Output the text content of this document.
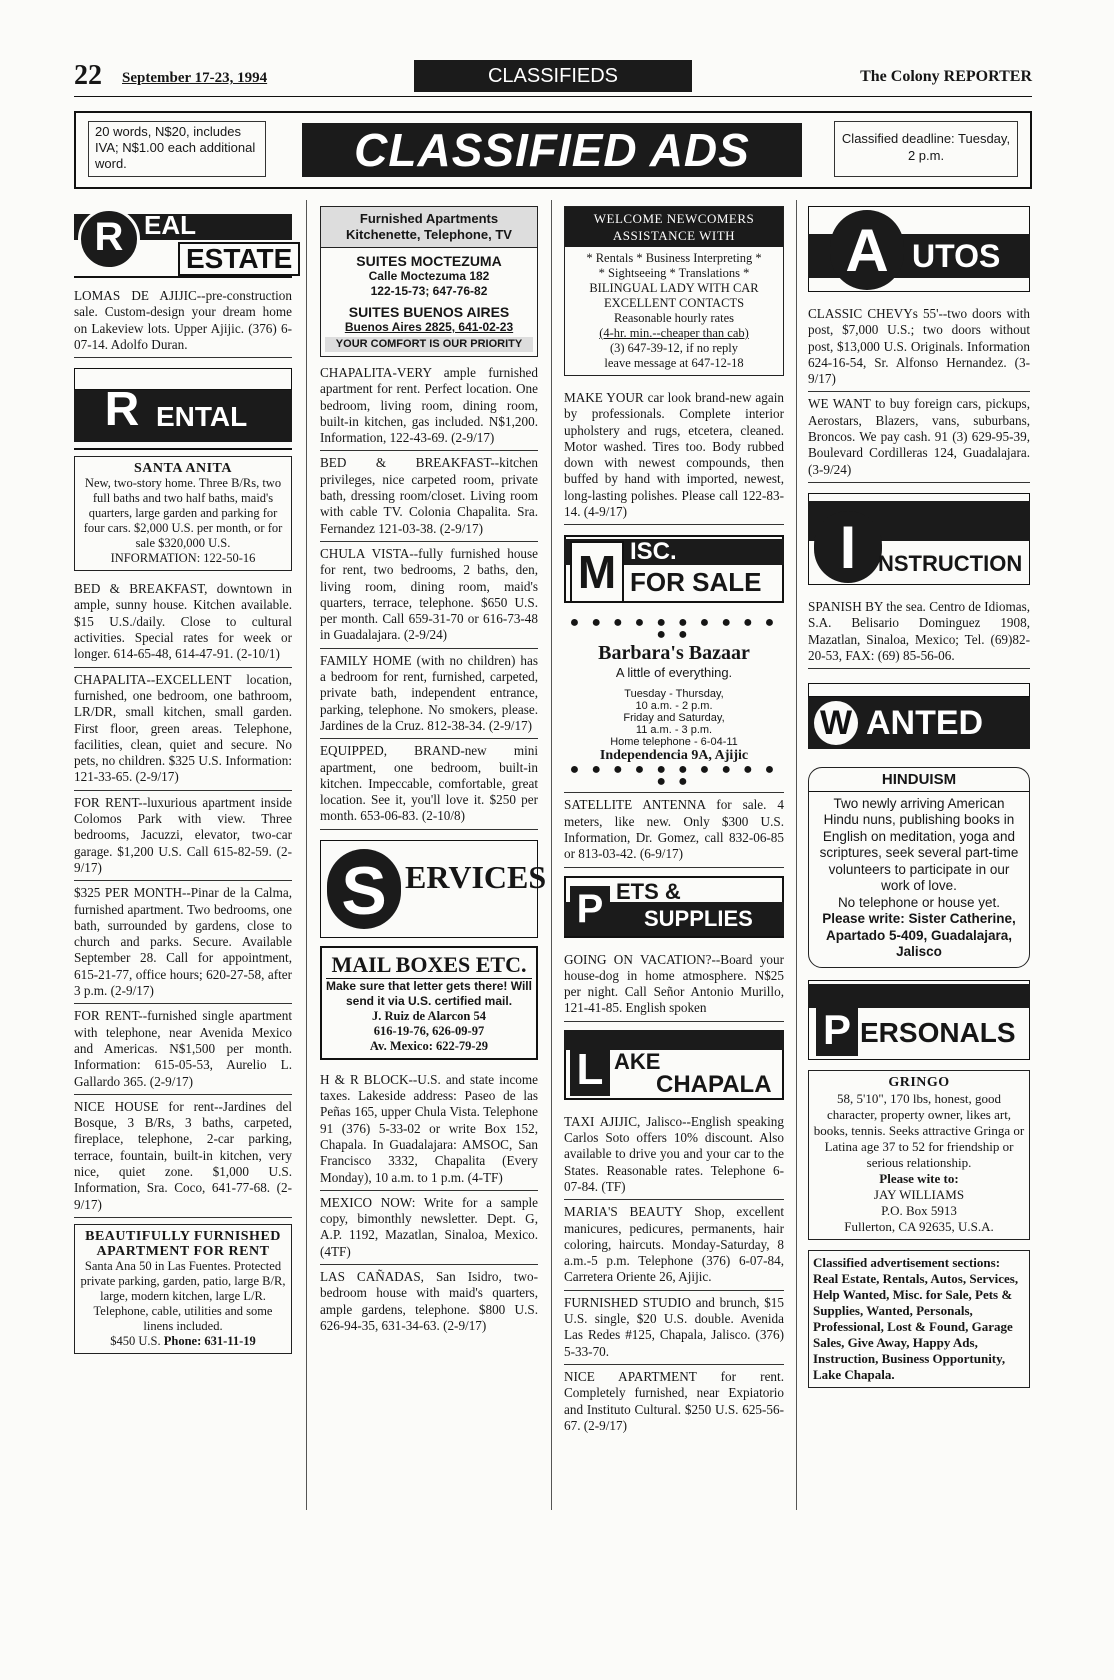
22 September 17-23, 1994	CLASSIFIEDS	The Colony REPORTER
20 words, N$20, includes IVA; N$1.00 each additional word.	CLASSIFIED ADS	Classified deadline: Tuesday, 2 p.m.
R EAL
ESTATE

LOMAS DE AJIJIC--pre-construction sale. Custom-design your dream home on Lakeview lots. Upper Ajijic. (376) 6-07-14. Adolfo Duran.

R ENTAL
SANTA ANITA
New, two-story home. Three B/Rs, two full baths and two half baths, maid's quarters, large garden and parking for four cars. $2,000 U.S. per month, or for sale $320,000 U.S.
INFORMATION: 122-50-16

BED & BREAKFAST, downtown in ample, sunny house. Kitchen available. $15 U.S./daily. Close to cultural activities. Special rates for week or longer. 614-65-48, 614-47-91. (2-10/1)

CHAPALITA--EXCELLENT location, furnished, one bedroom, one bathroom, LR/DR, small kitchen, small garden. First floor, green areas. Telephone, facilities, clean, quiet and secure. No pets, no children. $325 U.S. Information: 121-33-65. (2-9/17)

FOR RENT--luxurious apartment inside Colomos Park with view. Three bedrooms, Jacuzzi, elevator, two-car garage. $1,200 U.S. Call 615-82-59. (2-9/17)

$325 PER MONTH--Pinar de la Calma, furnished apartment. Two bedrooms, one bath, surrounded by gardens, close to church and parks. Secure. Available September 28. Call for appointment, 615-21-77, office hours; 620-27-58, after 3 p.m. (2-9/17)

FOR RENT--furnished single apartment with telephone, near Avenida Mexico and Americas. N$1,500 per month. Information: 615-05-53, Aurelio L. Gallardo 365. (2-9/17)

NICE HOUSE for rent--Jardines del Bosque, 3 B/Rs, 3 baths, carpeted, fireplace, telephone, 2-car parking, terrace, fountain, built-in kitchen, very nice, quiet zone. $1,000 U.S. Information, Sra. Coco, 641-77-68. (2-9/17)

BEAUTIFULLY FURNISHED APARTMENT FOR RENT
Santa Ana 50 in Las Fuentes. Protected private parking, garden, patio, large B/R, large, modern kitchen, large L/R. Telephone, cable, utilities and some linens included.
$450 U.S. Phone: 631-11-19
Furnished Apartments Kitchenette, Telephone, TV
SUITES MOCTEZUMA
Calle Moctezuma 182
122-15-73; 647-76-82
SUITES BUENOS AIRES
Buenos Aires 2825, 641-02-23
YOUR COMFORT IS OUR PRIORITY

CHAPALITA-VERY ample furnished apartment for rent. Perfect location. One bedroom, living room, dining room, built-in kitchen, gas included. N$1,200. Information, 122-43-69. (2-9/17)

BED & BREAKFAST--kitchen privileges, nice carpeted room, private bath, dressing room/closet. Living room with cable TV. Colonia Chapalita. Sra. Fernandez 121-03-38. (2-9/17)

CHULA VISTA--fully furnished house for rent, two bedrooms, 2 baths, den, living room, dining room, maid's quarters, terrace, telephone. $650 U.S. per month. Call 659-31-70 or 616-73-48 in Guadalajara. (2-9/24)

FAMILY HOME (with no children) has a bedroom for rent, furnished, carpeted, private bath, independent entrance, parking, telephone. No smokers, please. Jardines de la Cruz. 812-38-34. (2-9/17)

EQUIPPED, BRAND-new mini apartment, one bedroom, built-in kitchen. Impeccable, comfortable, great location. See it, you'll love it. $250 per month. 653-06-83. (2-10/8)

S ERVICES
MAIL BOXES ETC.
Make sure that letter gets there! Will send it via U.S. certified mail.
J. Ruiz de Alarcon 54
616-19-76, 626-09-97
Av. Mexico: 622-79-29

H & R BLOCK--U.S. and state income taxes. Lakeside address: Paseo de las Peñas 165, upper Chula Vista. Telephone 91 (376) 5-33-02 or write Box 152, Chapala. In Guadalajara: AMSOC, San Francisco 3332, Chapalita (Every Monday), 10 a.m. to 1 p.m. (4-TF)

MEXICO NOW: Write for a sample copy, bimonthly newsletter. Dept. G, A.P. 1192, Mazatlan, Sinaloa, Mexico. (4TF)

LAS CAÑADAS, San Isidro, two-bedroom house with maid's quarters, ample gardens, telephone. $800 U.S. 626-94-35, 631-34-63. (2-9/17)

WELCOME NEWCOMERS ASSISTANCE WITH
* Rentals * Business Interpreting *
* Sightseeing * Translations *
BILINGUAL LADY WITH CAR
EXCELLENT CONTACTS
Reasonable hourly rates
(4-hr. min.--cheaper than cab)
(3) 647-39-12, if no reply
leave message at 647-12-18

MAKE YOUR car look brand-new again by professionals. Complete interior upholstery and rugs, etcetera, cleaned. Motor washed. Tires too. Body rubbed down with newest compounds, then buffed by hand with imported, newest, long-lasting polishes. Please call 122-83-14. (4-9/17)

M ISC.
FOR SALE
● ● ● ● ● ● ● ● ● ● ● ●
Barbara's Bazaar
A little of everything.
Tuesday - Thursday,
10 a.m. - 2 p.m.
Friday and Saturday,
11 a.m. - 3 p.m.
Home telephone - 6-04-11
Independencia 9A, Ajijic
● ● ● ● ● ● ● ● ● ● ● ●

SATELLITE ANTENNA for sale. 4 meters, like new. Only $300 U.S. Information, Dr. Gomez, call 832-06-85 or 813-03-42. (6-9/17)

P ETS &
SUPPLIES

GOING ON VACATION?--Board your house-dog in home atmosphere. N$25 per night. Call Señor Antonio Murillo, 121-41-85. English spoken

L AKE
CHAPALA

TAXI AJIJIC, Jalisco--English speaking Carlos Soto offers 10% discount. Also available to drive you and your car to the States. Reasonable rates. Telephone 6-07-84. (TF)

MARIA'S BEAUTY Shop, excellent manicures, pedicures, permanents, hair coloring, haircuts. Monday-Saturday, 8 a.m.-5 p.m. Telephone (376) 6-07-84, Carretera Oriente 26, Ajijic.

FURNISHED STUDIO and brunch, $15 U.S. single, $20 U.S. double. Avenida Las Redes #125, Chapala, Jalisco. (376) 5-33-70.

NICE APARTMENT for rent. Completely furnished, near Expiatorio and Instituto Cultural. $250 U.S. 625-56-67. (2-9/17)

A UTOS

CLASSIC CHEVYs 55'--two doors with post, $7,000 U.S.; two doors without post, $13,000 U.S. Originals. Information 624-16-54, Sr. Alfonso Hernandez. (3-9/17)

WE WANT to buy foreign cars, pickups, Aerostars, Blazers, vans, suburbans, Broncos. We pay cash. 91 (3) 629-95-39, Boulevard Cordilleras 124, Guadalajara. (3-9/24)

I NSTRUCTION

SPANISH BY the sea. Centro de Idiomas, S.A. Belisario Dominguez 1908, Mazatlan, Sinaloa, Mexico; Tel. (69)82-20-53, FAX: (69) 85-56-06.

W ANTED
HINDUISM
Two newly arriving American Hindu nuns, publishing books in English on meditation, yoga and scriptures, seek several part-time volunteers to participate in our work of love.
No telephone or house yet.
Please write: Sister Catherine, Apartado 5-409, Guadalajara, Jalisco
P ERSONALS
GRINGO
58, 5'10", 170 lbs, honest, good character, property owner, likes art, books, tennis. Seeks attractive Gringa or Latina age 37 to 52 for friendship or serious relationship.
Please wite to:
JAY WILLIAMS
P.O. Box 5913
Fullerton, CA 92635, U.S.A.
Classified advertisement sections: Real Estate, Rentals, Autos, Services, Help Wanted, Misc. for Sale, Pets & Supplies, Wanted, Personals, Professional, Lost & Found, Garage Sales, Give Away, Happy Ads, Instruction, Business Opportunity, Lake Chapala.
